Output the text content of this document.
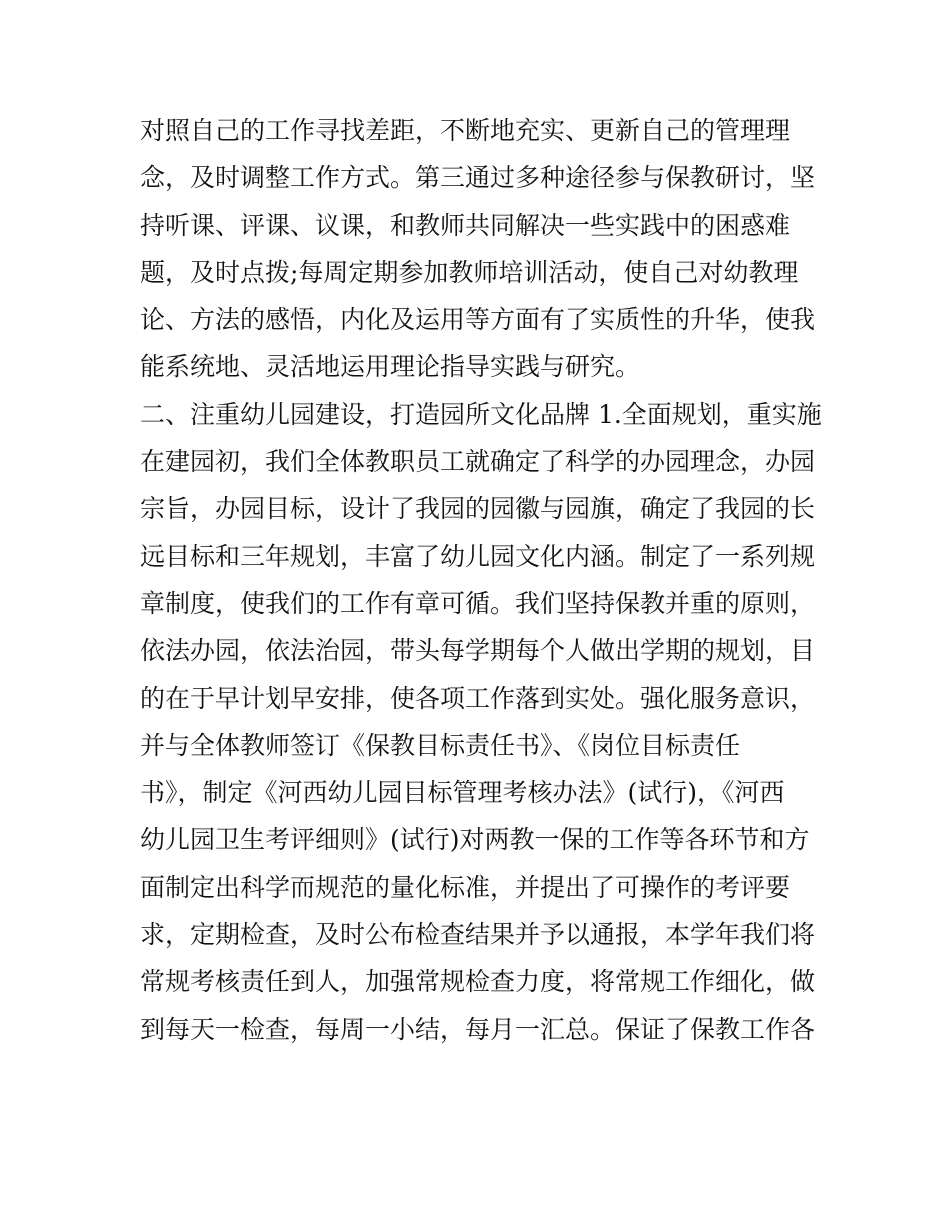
对照自己的工作寻找差距，不断地充实、更新自己的管理理
念，及时调整工作方式。第三通过多种途径参与保教研讨，坚
持听课、评课、议课，和教师共同解决一些实践中的困惑难
题，及时点拨;每周定期参加教师培训活动，使自己对幼教理
论、方法的感悟，内化及运用等方面有了实质性的升华，使我
能系统地、灵活地运用理论指导实践与研究。
二、注重幼儿园建设，打造园所文化品牌 1.全面规划，重实施
在建园初，我们全体教职员工就确定了科学的办园理念，办园
宗旨，办园目标，设计了我园的园徽与园旗，确定了我园的长
远目标和三年规划，丰富了幼儿园文化内涵。制定了一系列规
章制度，使我们的工作有章可循。我们坚持保教并重的原则，
依法办园，依法治园，带头每学期每个人做出学期的规划，目
的在于早计划早安排，使各项工作落到实处。强化服务意识，
并与全体教师签订《保教目标责任书》、《岗位目标责任
书》，制定《河西幼儿园目标管理考核办法》(试行)，《河西
幼儿园卫生考评细则》(试行)对两教一保的工作等各环节和方
面制定出科学而规范的量化标准，并提出了可操作的考评要
求，定期检查，及时公布检查结果并予以通报，本学年我们将
常规考核责任到人，加强常规检查力度，将常规工作细化，做
到每天一检查，每周一小结，每月一汇总。保证了保教工作各
